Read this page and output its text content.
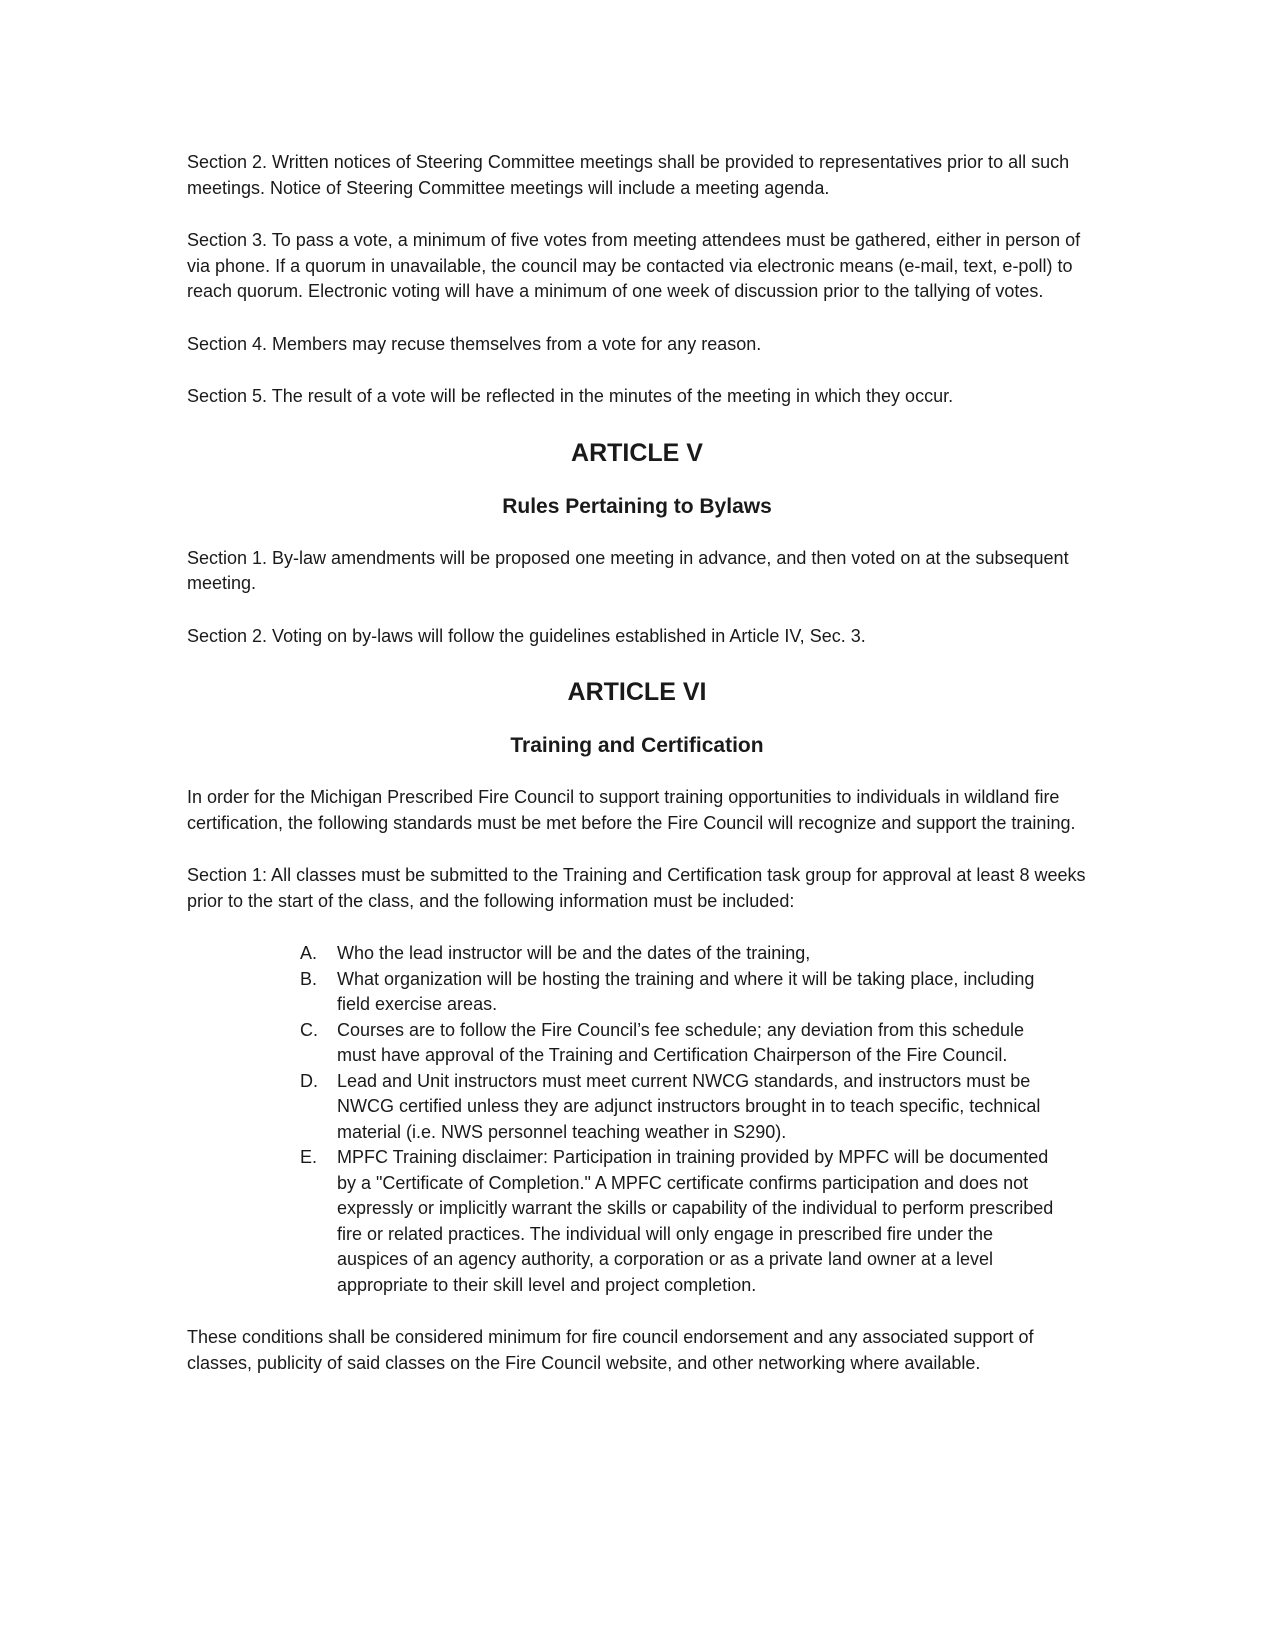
Section 2. Written notices of Steering Committee meetings shall be provided to representatives prior to all such meetings. Notice of Steering Committee meetings will include a meeting agenda.

Section 3. To pass a vote, a minimum of five votes from meeting attendees must be gathered, either in person of via phone. If a quorum in unavailable, the council may be contacted via electronic means (e-mail, text, e-poll) to reach quorum. Electronic voting will have a minimum of one week of discussion prior to the tallying of votes.

Section 4. Members may recuse themselves from a vote for any reason.

Section 5. The result of a vote will be reflected in the minutes of the meeting in which they occur.

ARTICLE V
Rules Pertaining to Bylaws

Section 1. By-law amendments will be proposed one meeting in advance, and then voted on at the subsequent meeting.

Section 2. Voting on by-laws will follow the guidelines established in Article IV, Sec. 3.

ARTICLE VI
Training and Certification

In order for the Michigan Prescribed Fire Council to support training opportunities to individuals in wildland fire certification, the following standards must be met before the Fire Council will recognize and support the training.

Section 1: All classes must be submitted to the Training and Certification task group for approval at least 8 weeks prior to the start of the class, and the following information must be included:

A. Who the lead instructor will be and the dates of the training,
B. What organization will be hosting the training and where it will be taking place, including field exercise areas.
C. Courses are to follow the Fire Council’s fee schedule; any deviation from this schedule must have approval of the Training and Certification Chairperson of the Fire Council.
D. Lead and Unit instructors must meet current NWCG standards, and instructors must be NWCG certified unless they are adjunct instructors brought in to teach specific, technical material (i.e. NWS personnel teaching weather in S290).
E. MPFC Training disclaimer: Participation in training provided by MPFC will be documented by a "Certificate of Completion." A MPFC certificate confirms participation and does not expressly or implicitly warrant the skills or capability of the individual to perform prescribed fire or related practices. The individual will only engage in prescribed fire under the auspices of an agency authority, a corporation or as a private land owner at a level appropriate to their skill level and project completion.

These conditions shall be considered minimum for fire council endorsement and any associated support of classes, publicity of said classes on the Fire Council website, and other networking where available.
